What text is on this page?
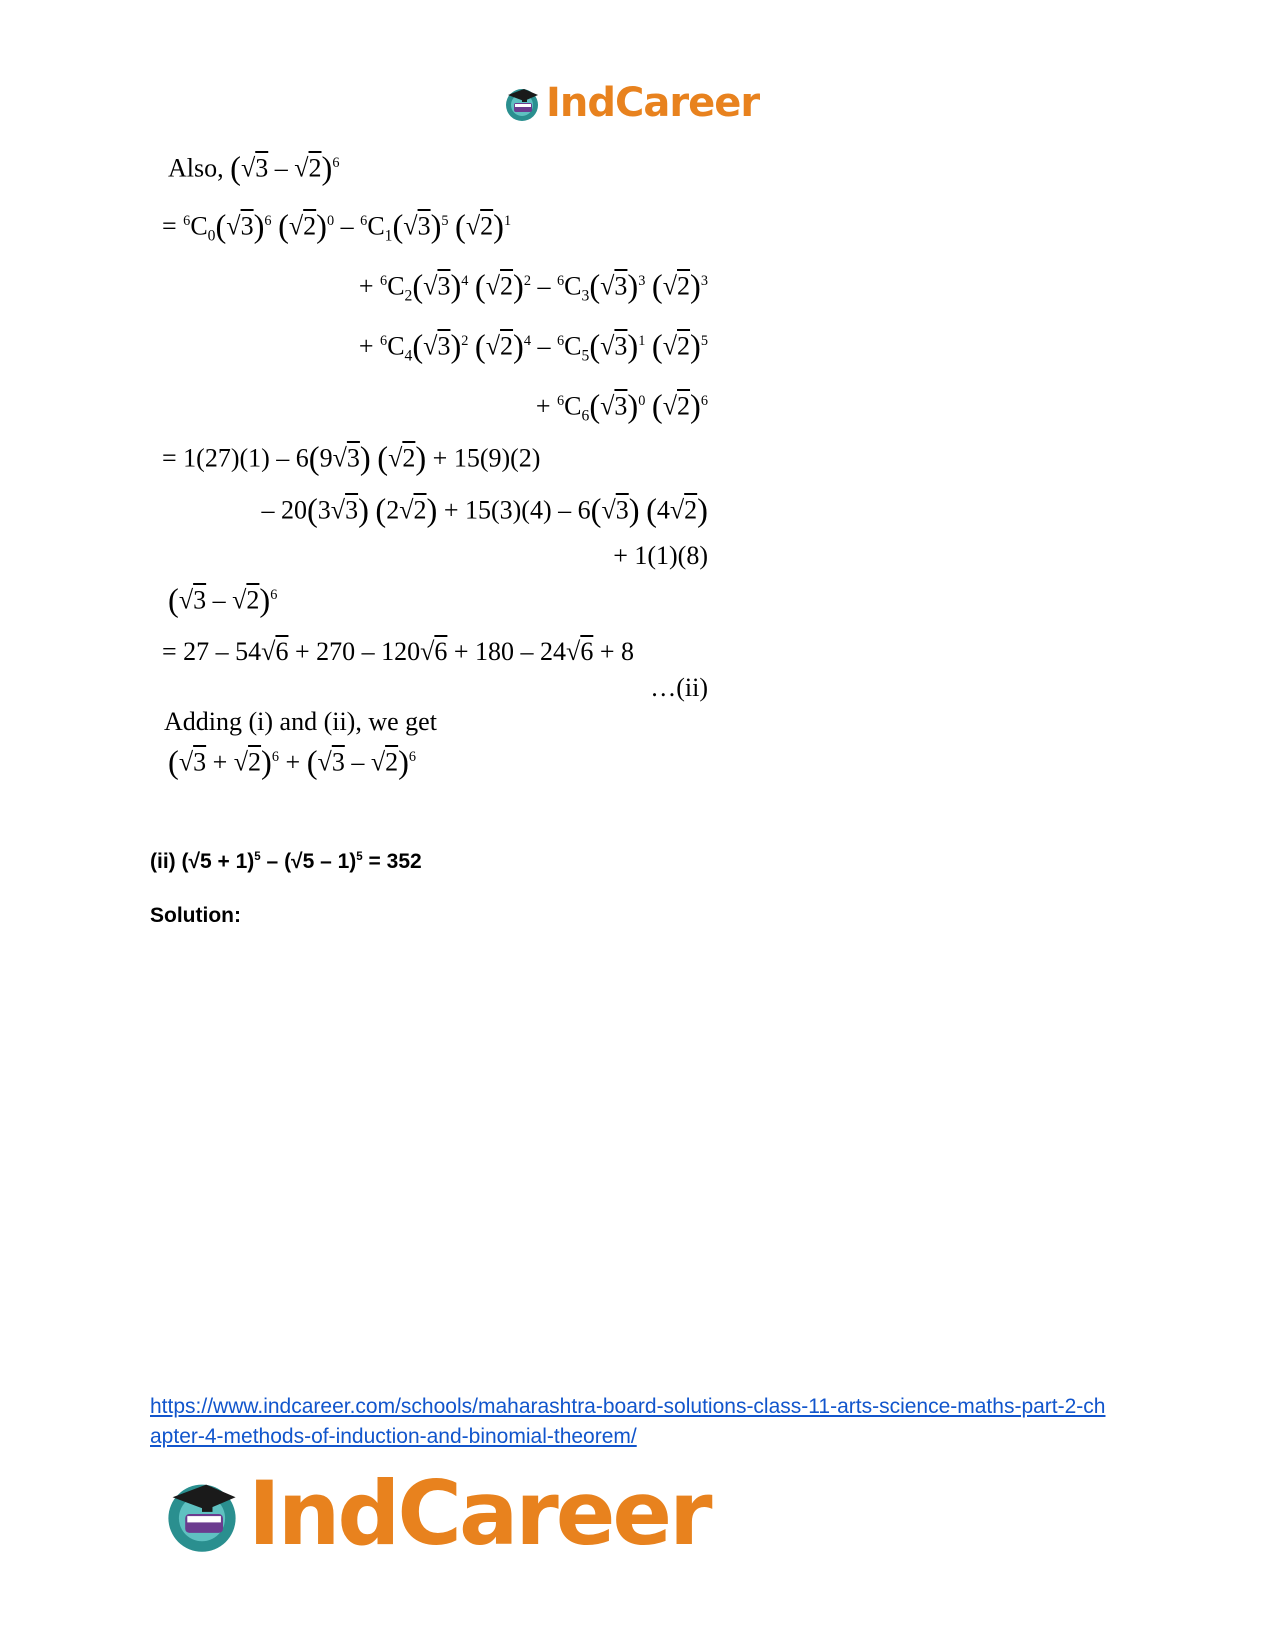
IndCareer
Also, (√3 – √2)$^6$
= $^6C_0(√3)^6$ $(√2)^0 - ^6C_1(√3)^5$ $(√2)^1$
+ $^6C_2(√3)^4$ $(√2)^2 - ^6C_3(√3)^3$ $(√2)^3$
+ $^6C_4(√3)^2$ $(√2)^4 - ^6C_5(√3)^1$ $(√2)^5$
+ $^6C_6(√3)^0$ $(√2)^6$
= 1(27)(1) – 6(9√3) (√2) + 15(9)(2)
– 20(3√3) (2√2) + 15(3)(4) – 6(√3) (4√2)
+ 1(1)(8)
(√3 – √2)$^6$
= 27 – 54√6 + 270 – 120√6 + 180 – 24√6 + 8
…(ii)
Adding (i) and (ii), we get
$(√3 + √2)^6 + (√3 - √2)^6$
(ii) $(√5 + 1)^5 - (√5 - 1)^5 = 352$
Solution:
https://www.indcareer.com/schools/maharashtra-board-solutions-class-11-arts-science-maths-part-2-chapter-4-methods-of-induction-and-binomial-theorem/
IndCareer
